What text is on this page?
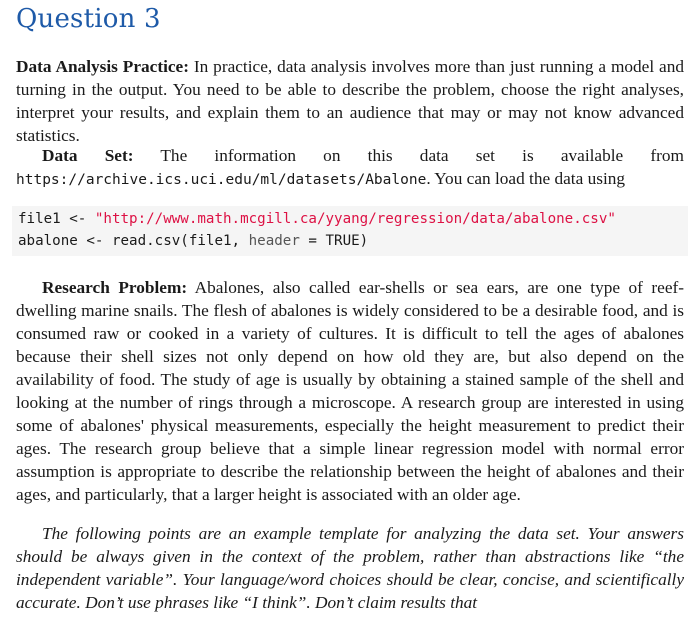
Question 3

Data Analysis Practice: In practice, data analysis involves more than just running a model and turning in the output. You need to be able to describe the problem, choose the right analyses, interpret your results, and explain them to an audience that may or may not know advanced statistics.

Data Set: The information on this data set is available from https://archive.ics.uci.edu/ml/datasets/Abalone. You can load the data using

file1 <- "http://www.math.mcgill.ca/yyang/regression/data/abalone.csv"
abalone <- read.csv(file1, header = TRUE)

Research Problem: Abalones, also called ear-shells or sea ears, are one type of reef-dwelling marine snails. The flesh of abalones is widely considered to be a desirable food, and is consumed raw or cooked in a variety of cultures. It is difficult to tell the ages of abalones because their shell sizes not only depend on how old they are, but also depend on the availability of food. The study of age is usually by obtaining a stained sample of the shell and looking at the number of rings through a microscope. A research group are interested in using some of abalones' physical measurements, especially the height measurement to predict their ages. The research group believe that a simple linear regression model with normal error assumption is appropriate to describe the relationship between the height of abalones and their ages, and particularly, that a larger height is associated with an older age.

The following points are an example template for analyzing the data set. Your answers should be always given in the context of the problem, rather than abstractions like “the independent variable”. Your language/word choices should be clear, concise, and scientifically accurate. Don’t use phrases like “I think”. Don’t claim results that
